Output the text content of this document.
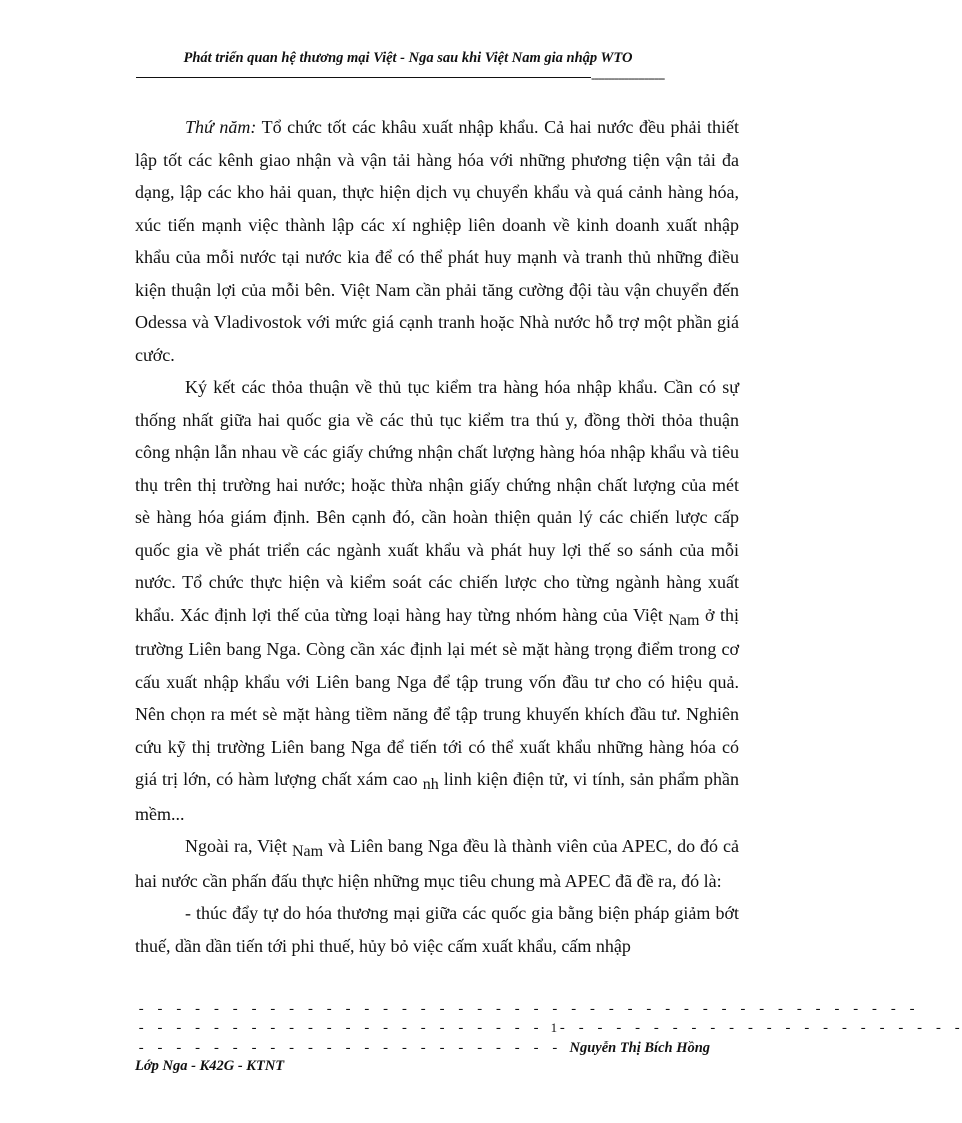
Phát triển quan hệ thương mại Việt - Nga sau khi Việt Nam gia nhập WTO
----------------------

Thứ năm: Tổ chức tốt các khâu xuất nhập khẩu. Cả hai nước đều phải thiết lập tốt các kênh giao nhận và vận tải hàng hóa với những phương tiện vận tải đa dạng, lập các kho hải quan, thực hiện dịch vụ chuyển khẩu và quá cảnh hàng hóa, xúc tiến mạnh việc thành lập các xí nghiệp liên doanh về kinh doanh xuất nhập khẩu của mỗi nước tại nước kia để có thể phát huy mạnh và tranh thủ những điều kiện thuận lợi của mỗi bên. Việt Nam cần phải tăng cường đội tàu vận chuyển đến Odessa và Vladivostok với mức giá cạnh tranh hoặc Nhà nước hỗ trợ một phần giá cước.

Ký kết các thỏa thuận về thủ tục kiểm tra hàng hóa nhập khẩu. Cần có sự thống nhất giữa hai quốc gia về các thủ tục kiểm tra thú y, đồng thời thỏa thuận công nhận lẫn nhau về các giấy chứng nhận chất lượng hàng hóa nhập khẩu và tiêu thụ trên thị trường hai nước; hoặc thừa nhận giấy chứng nhận chất lượng của mét sè hàng hóa giám định. Bên cạnh đó, cần hoàn thiện quản lý các chiến lược cấp quốc gia về phát triển các ngành xuất khẩu và phát huy lợi thế so sánh của mỗi nước. Tổ chức thực hiện và kiểm soát các chiến lược cho từng ngành hàng xuất khẩu. Xác định lợi thế của từng loại hàng hay từng nhóm hàng của Việt Nam ở thị trường Liên bang Nga. Còng cần xác định lại mét sè mặt hàng trọng điểm trong cơ cấu xuất nhập khẩu với Liên bang Nga để tập trung vốn đầu tư cho có hiệu quả. Nên chọn ra mét sè mặt hàng tiềm năng để tập trung khuyến khích đầu tư. Nghiên cứu kỹ thị trường Liên bang Nga để tiến tới có thể xuất khẩu những hàng hóa có giá trị lớn, có hàm lượng chất xám cao nh linh kiện điện tử, vi tính, sản phẩm phần mềm...

Ngoài ra, Việt Nam và Liên bang Nga đều là thành viên của APEC, do đó cả hai nước cần phấn đấu thực hiện những mục tiêu chung mà APEC đã đề ra, đó là:

- thúc đẩy tự do hóa thương mại giữa các quốc gia bằng biện pháp giảm bớt thuế, dần dần tiến tới phi thuế, hủy bỏ việc cấm xuất khẩu, cấm nhập

- - - - - - - - - - - - - - - - - - - - - - - - - - - - - - - - - - - - - - - - - -
- - - - - - - - - - - - - - - - - - - - - - 1- - - - - - - - - - - - - - - - - - - - - -
- - - - - - - - - - - - - - - - - - - - - - - Nguyễn Thị Bích Hồng
Lớp Nga - K42G - KTNT
